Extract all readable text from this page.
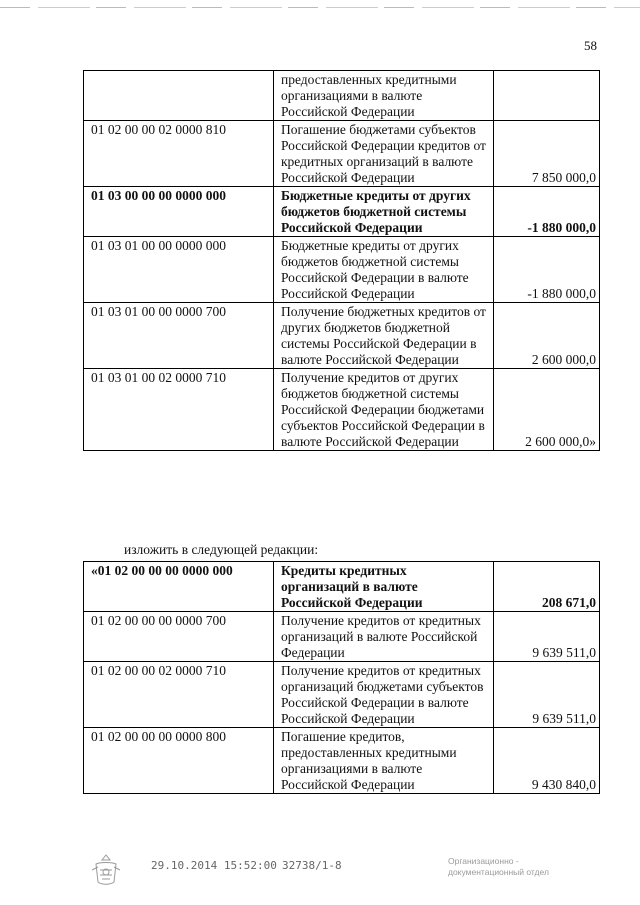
58
	предоставленных кредитными организациями в валюте Российской Федерации	
01 02 00 00 02 0000 810	Погашение бюджетами субъектов Российской Федерации кредитов от кредитных организаций в валюте Российской Федерации	7 850 000,0
01 03 00 00 00 0000 000	Бюджетные кредиты от других бюджетов бюджетной системы Российской Федерации	-1 880 000,0
01 03 01 00 00 0000 000	Бюджетные кредиты от других бюджетов бюджетной системы Российской Федерации в валюте Российской Федерации	-1 880 000,0
01 03 01 00 00 0000 700	Получение бюджетных кредитов от других бюджетов бюджетной системы Российской Федерации в валюте Российской Федерации	2 600 000,0
01 03 01 00 02 0000 710	Получение кредитов от других бюджетов бюджетной системы Российской Федерации бюджетами субъектов Российской Федерации в валюте Российской Федерации	2 600 000,0»
изложить в следующей редакции:
«01 02 00 00 00 0000 000	Кредиты кредитных организаций в валюте Российской Федерации	208 671,0
01 02 00 00 00 0000 700	Получение кредитов от кредитных организаций в валюте Российской Федерации	9 639 511,0
01 02 00 00 02 0000 710	Получение кредитов от кредитных организаций бюджетами субъектов Российской Федерации в валюте Российской Федерации	9 639 511,0
01 02 00 00 00 0000 800	Погашение кредитов, предоставленных кредитными организациями в валюте Российской Федерации	9 430 840,0
29.10.2014 15:52:00 32738/1-8	Организационно -
документационный отдел
